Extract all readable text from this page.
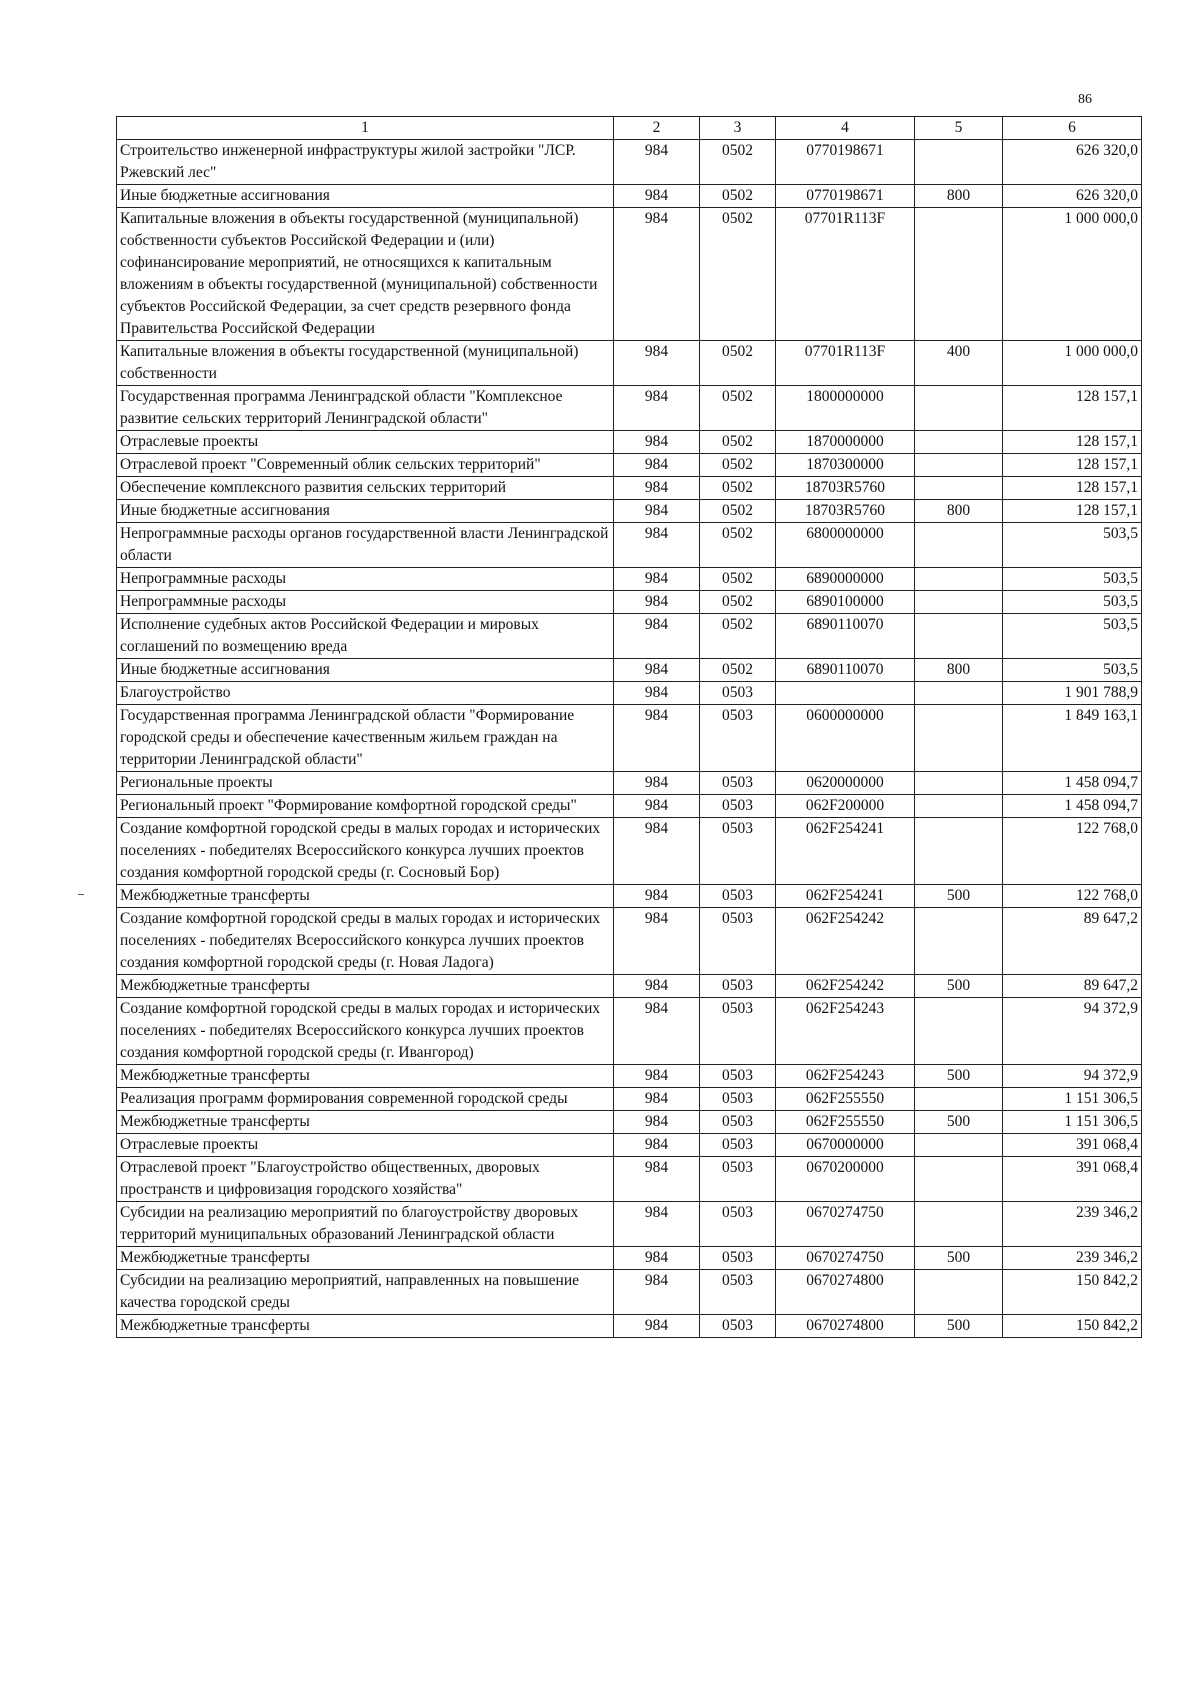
86
1	2	3	4	5	6
Строительство инженерной инфраструктуры жилой застройки "ЛСР. Ржевский лес"	984	0502	0770198671		626 320,0
Иные бюджетные ассигнования	984	0502	0770198671	800	626 320,0
Капитальные вложения в объекты государственной (муниципальной) собственности субъектов Российской Федерации и (или) софинансирование мероприятий, не относящихся к капитальным вложениям в объекты государственной (муниципальной) собственности субъектов Российской Федерации, за счет средств резервного фонда Правительства Российской Федерации	984	0502	07701R113F		1 000 000,0
Капитальные вложения в объекты государственной (муниципальной) собственности	984	0502	07701R113F	400	1 000 000,0
Государственная программа Ленинградской области "Комплексное развитие сельских территорий Ленинградской области"	984	0502	1800000000		128 157,1
Отраслевые проекты	984	0502	1870000000		128 157,1
Отраслевой проект "Современный облик сельских территорий"	984	0502	1870300000		128 157,1
Обеспечение комплексного развития сельских территорий	984	0502	18703R5760		128 157,1
Иные бюджетные ассигнования	984	0502	18703R5760	800	128 157,1
Непрограммные расходы органов государственной власти Ленинградской области	984	0502	6800000000		503,5
Непрограммные расходы	984	0502	6890000000		503,5
Непрограммные расходы	984	0502	6890100000		503,5
Исполнение судебных актов Российской Федерации и мировых соглашений по возмещению вреда	984	0502	6890110070		503,5
Иные бюджетные ассигнования	984	0502	6890110070	800	503,5
Благоустройство	984	0503			1 901 788,9
Государственная программа Ленинградской области "Формирование городской среды и обеспечение качественным жильем граждан на территории Ленинградской области"	984	0503	0600000000		1 849 163,1
Региональные проекты	984	0503	0620000000		1 458 094,7
Региональный проект "Формирование комфортной городской среды"	984	0503	062F200000		1 458 094,7
Создание комфортной городской среды в малых городах и исторических поселениях - победителях Всероссийского конкурса лучших проектов создания комфортной городской среды (г. Сосновый Бор)	984	0503	062F254241		122 768,0
Межбюджетные трансферты	984	0503	062F254241	500	122 768,0
Создание комфортной городской среды в малых городах и исторических поселениях - победителях Всероссийского конкурса лучших проектов создания комфортной городской среды (г. Новая Ладога)	984	0503	062F254242		89 647,2
Межбюджетные трансферты	984	0503	062F254242	500	89 647,2
Создание комфортной городской среды в малых городах и исторических поселениях - победителях Всероссийского конкурса лучших проектов создания комфортной городской среды (г. Ивангород)	984	0503	062F254243		94 372,9
Межбюджетные трансферты	984	0503	062F254243	500	94 372,9
Реализация программ формирования современной городской среды	984	0503	062F255550		1 151 306,5
Межбюджетные трансферты	984	0503	062F255550	500	1 151 306,5
Отраслевые проекты	984	0503	0670000000		391 068,4
Отраслевой проект "Благоустройство общественных, дворовых пространств и цифровизация городского хозяйства"	984	0503	0670200000		391 068,4
Субсидии на реализацию мероприятий по благоустройству дворовых территорий муниципальных образований Ленинградской области	984	0503	0670274750		239 346,2
Межбюджетные трансферты	984	0503	0670274750	500	239 346,2
Субсидии на реализацию мероприятий, направленных на повышение качества городской среды	984	0503	0670274800		150 842,2
Межбюджетные трансферты	984	0503	0670274800	500	150 842,2
